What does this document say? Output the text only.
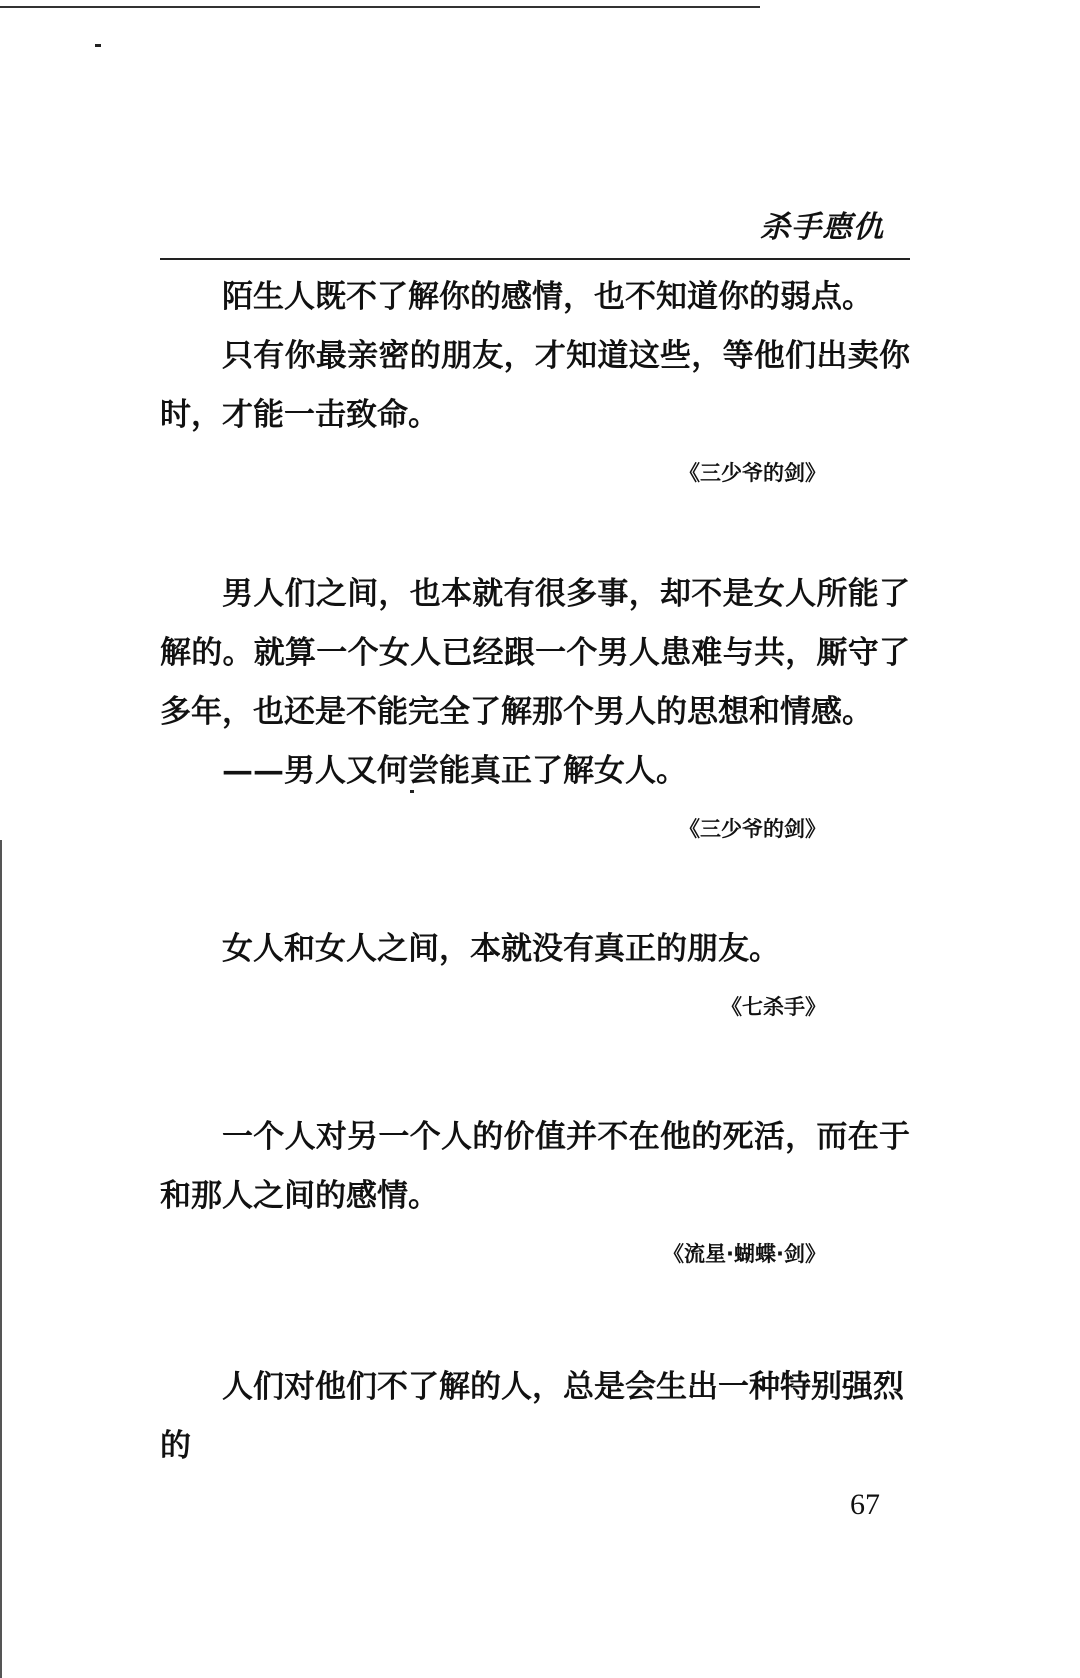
杀手㥁仇

陌生人既不了解你的感情，也不知道你的弱点。

只有你最亲密的朋友，才知道这些，等他们出卖你时，才能一击致命。

《三少爷的剑》

男人们之间，也本就有很多事，却不是女人所能了解的。就算一个女人已经跟一个男人患难与共，厮守了多年，也还是不能完全了解那个男人的思想和情感。

——男人又何尝能真正了解女人。

《三少爷的剑》

女人和女人之间，本就没有真正的朋友。

《七杀手》

一个人对另一个人的价值并不在他的死活，而在于和那人之间的感情。

《流星·蝴蝶·剑》

人们对他们不了解的人，总是会生出一种特别强烈的

67
